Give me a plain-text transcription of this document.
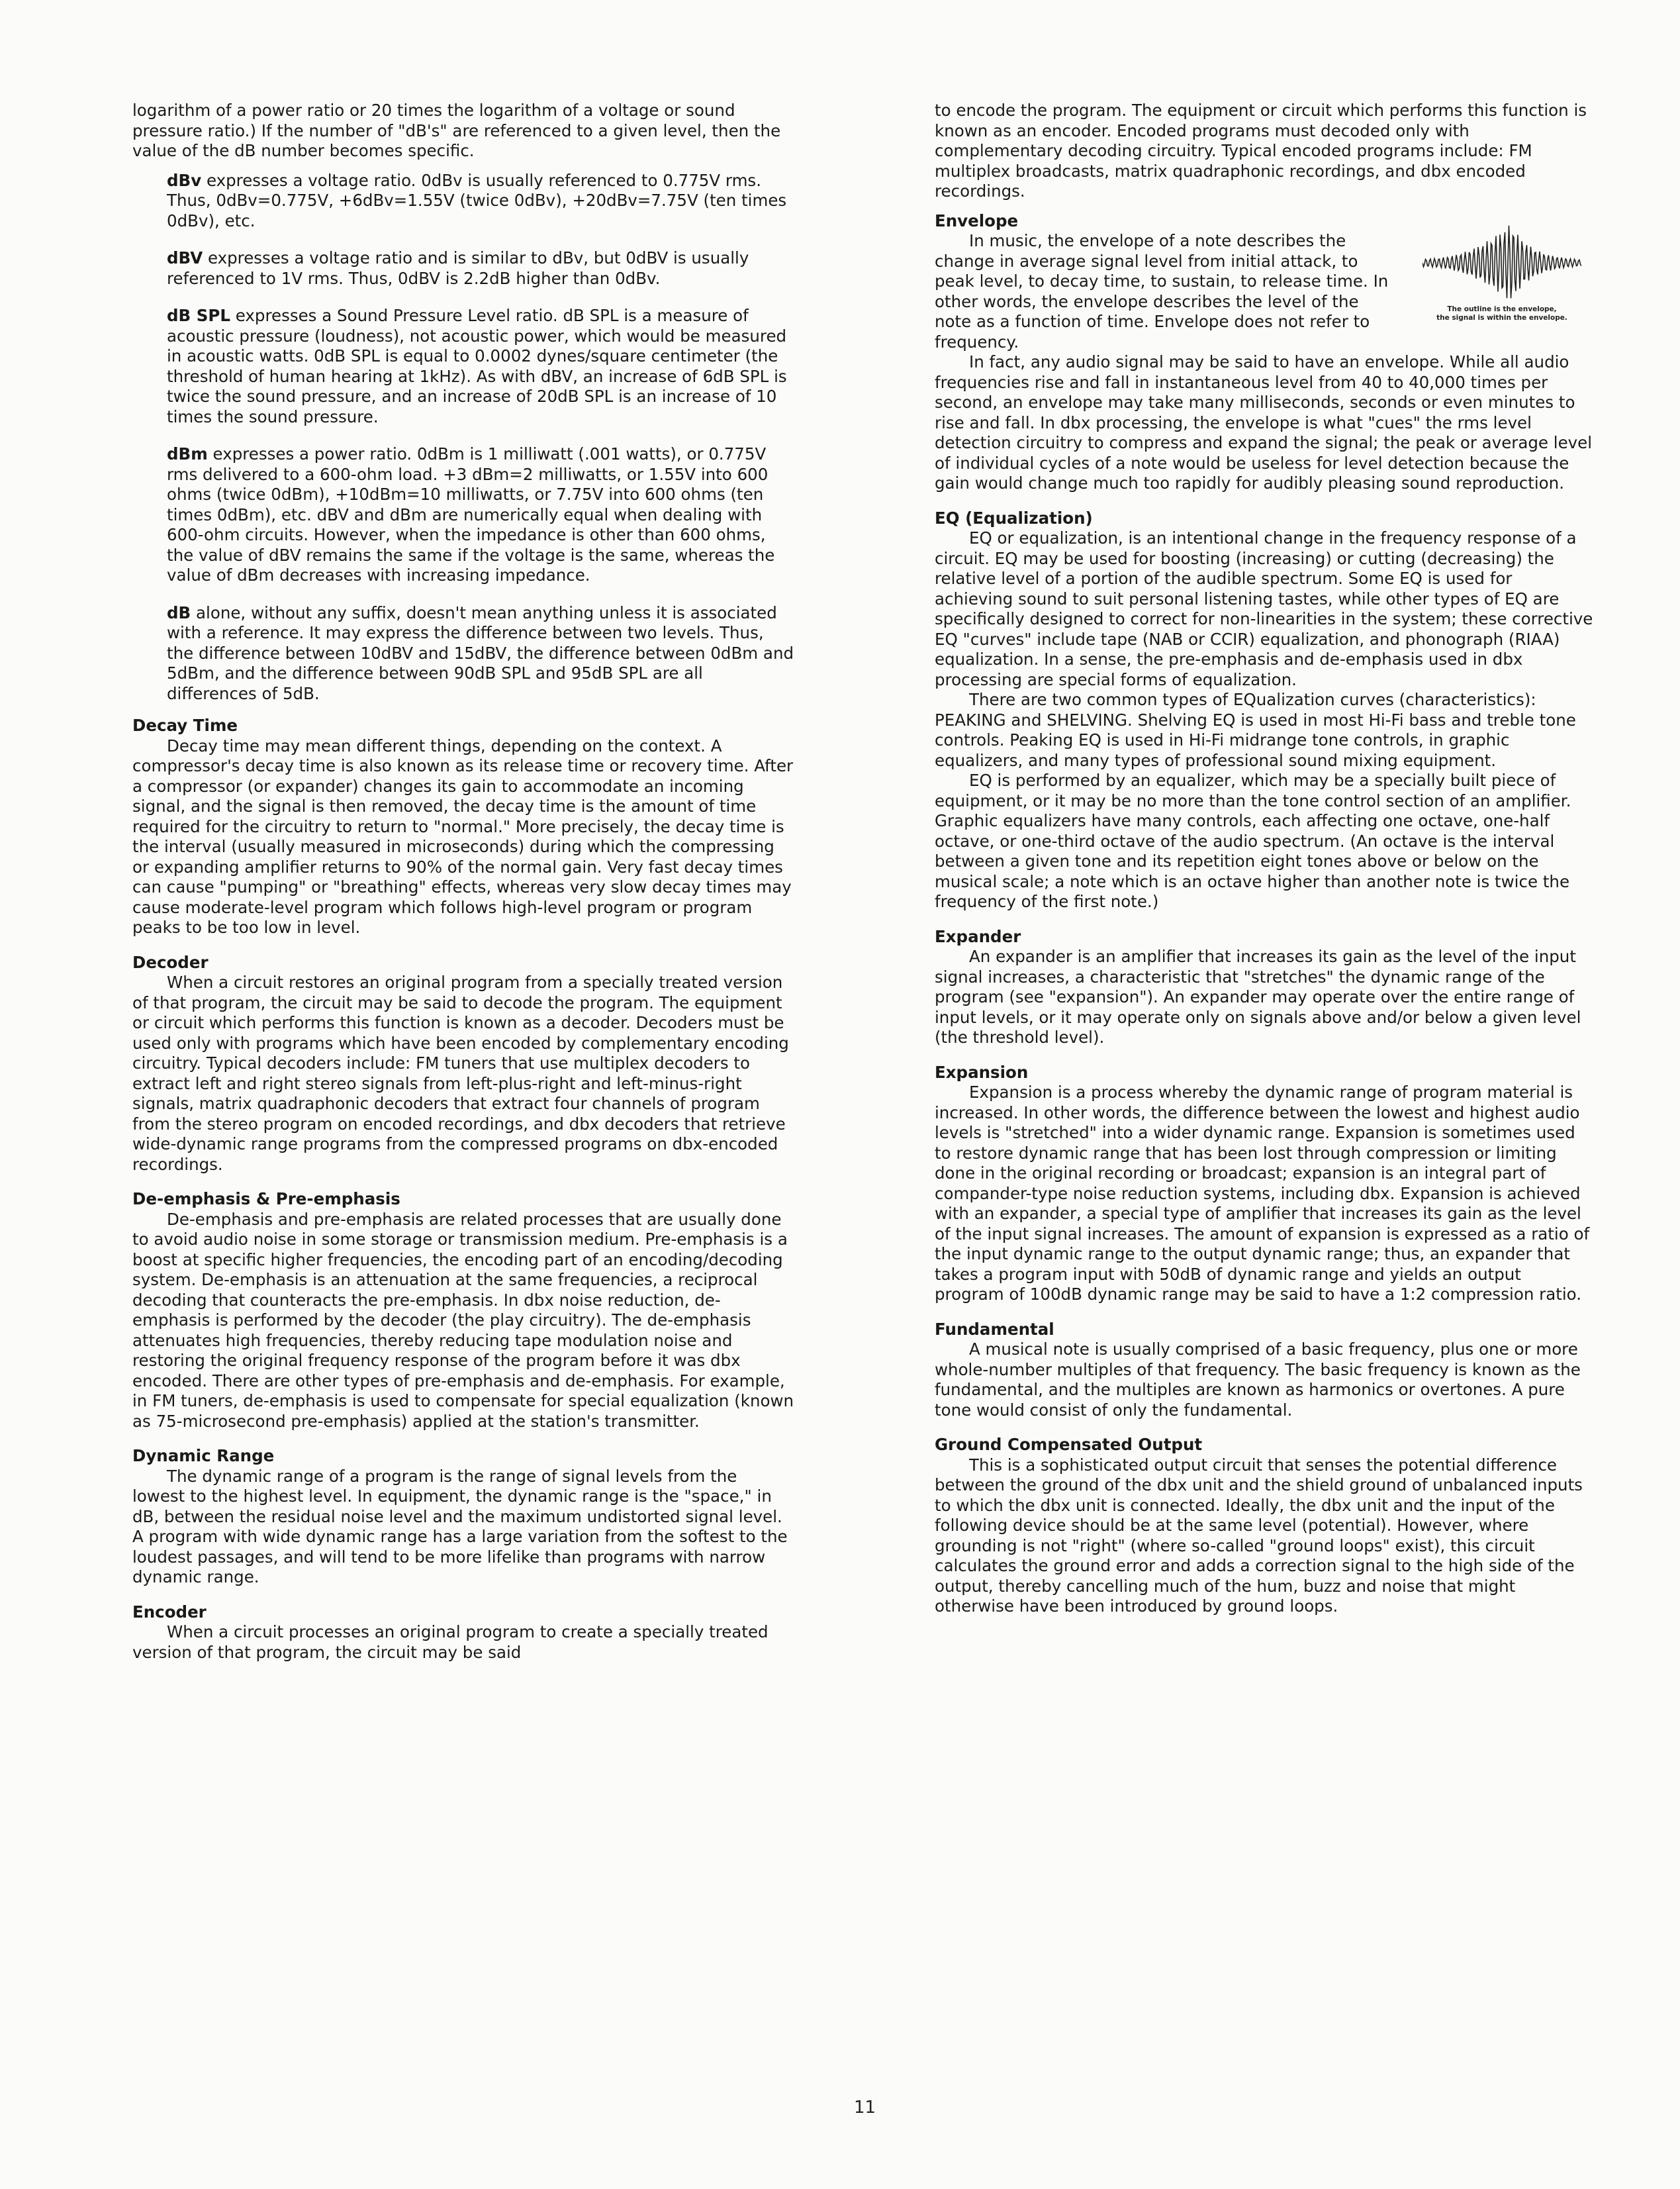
logarithm of a power ratio or 20 times the logarithm of a voltage or sound pressure ratio.) If the number of "dB's" are referenced to a given level, then the value of the dB number becomes specific.

dBv expresses a voltage ratio. 0dBv is usually referenced to 0.775V rms. Thus, 0dBv=0.775V, +6dBv=1.55V (twice 0dBv), +20dBv=7.75V (ten times 0dBv), etc.

dBV expresses a voltage ratio and is similar to dBv, but 0dBV is usually referenced to 1V rms. Thus, 0dBV is 2.2dB higher than 0dBv.

dB SPL expresses a Sound Pressure Level ratio. dB SPL is a measure of acoustic pressure (loudness), not acoustic power, which would be measured in acoustic watts. 0dB SPL is equal to 0.0002 dynes/square centimeter (the threshold of human hearing at 1kHz). As with dBV, an increase of 6dB SPL is twice the sound pressure, and an increase of 20dB SPL is an increase of 10 times the sound pressure.

dBm expresses a power ratio. 0dBm is 1 milliwatt (.001 watts), or 0.775V rms delivered to a 600-ohm load. +3 dBm=2 milliwatts, or 1.55V into 600 ohms (twice 0dBm), +10dBm=10 milliwatts, or 7.75V into 600 ohms (ten times 0dBm), etc. dBV and dBm are numerically equal when dealing with 600-ohm circuits. However, when the impedance is other than 600 ohms, the value of dBV remains the same if the voltage is the same, whereas the value of dBm decreases with increasing impedance.

dB alone, without any suffix, doesn't mean anything unless it is associated with a reference. It may express the difference between two levels. Thus, the difference between 10dBV and 15dBV, the difference between 0dBm and 5dBm, and the difference between 90dB SPL and 95dB SPL are all differences of 5dB.

Decay Time

Decay time may mean different things, depending on the context. A compressor's decay time is also known as its release time or recovery time. After a compressor (or expander) changes its gain to accommodate an incoming signal, and the signal is then removed, the decay time is the amount of time required for the circuitry to return to "normal." More precisely, the decay time is the interval (usually measured in microseconds) during which the compressing or expanding amplifier returns to 90% of the normal gain. Very fast decay times can cause "pumping" or "breathing" effects, whereas very slow decay times may cause moderate-level program which follows high-level program or program peaks to be too low in level.

Decoder

When a circuit restores an original program from a specially treated version of that program, the circuit may be said to decode the program. The equipment or circuit which performs this function is known as a decoder. Decoders must be used only with programs which have been encoded by complementary encoding circuitry. Typical decoders include: FM tuners that use multiplex decoders to extract left and right stereo signals from left-plus-right and left-minus-right signals, matrix quadraphonic decoders that extract four channels of program from the stereo program on encoded recordings, and dbx decoders that retrieve wide-dynamic range programs from the compressed programs on dbx-encoded recordings.

De-emphasis & Pre-emphasis

De-emphasis and pre-emphasis are related processes that are usually done to avoid audio noise in some storage or transmission medium. Pre-emphasis is a boost at specific higher frequencies, the encoding part of an encoding/decoding system. De-emphasis is an attenuation at the same frequencies, a reciprocal decoding that counteracts the pre-emphasis. In dbx noise reduction, de-emphasis is performed by the decoder (the play circuitry). The de-emphasis attenuates high frequencies, thereby reducing tape modulation noise and restoring the original frequency response of the program before it was dbx encoded. There are other types of pre-emphasis and de-emphasis. For example, in FM tuners, de-emphasis is used to compensate for special equalization (known as 75-microsecond pre-emphasis) applied at the station's transmitter.

Dynamic Range

The dynamic range of a program is the range of signal levels from the lowest to the highest level. In equipment, the dynamic range is the "space," in dB, between the residual noise level and the maximum undistorted signal level. A program with wide dynamic range has a large variation from the softest to the loudest passages, and will tend to be more lifelike than programs with narrow dynamic range.

Encoder

When a circuit processes an original program to create a specially treated version of that program, the circuit may be said

to encode the program. The equipment or circuit which performs this function is known as an encoder. Encoded programs must decoded only with complementary decoding circuitry. Typical encoded programs include: FM multiplex broadcasts, matrix quadraphonic recordings, and dbx encoded recordings.

Envelope

The outline is the envelope,
the signal is within the envelope.

In music, the envelope of a note describes the change in average signal level from initial attack, to peak level, to decay time, to sustain, to release time. In other words, the envelope describes the level of the note as a function of time. Envelope does not refer to frequency.

In fact, any audio signal may be said to have an envelope. While all audio frequencies rise and fall in instantaneous level from 40 to 40,000 times per second, an envelope may take many milliseconds, seconds or even minutes to rise and fall. In dbx processing, the envelope is what "cues" the rms level detection circuitry to compress and expand the signal; the peak or average level of individual cycles of a note would be useless for level detection because the gain would change much too rapidly for audibly pleasing sound reproduction.

EQ (Equalization)

EQ or equalization, is an intentional change in the frequency response of a circuit. EQ may be used for boosting (increasing) or cutting (decreasing) the relative level of a portion of the audible spectrum. Some EQ is used for achieving sound to suit personal listening tastes, while other types of EQ are specifically designed to correct for non-linearities in the system; these corrective EQ "curves" include tape (NAB or CCIR) equalization, and phonograph (RIAA) equalization. In a sense, the pre-emphasis and de-emphasis used in dbx processing are special forms of equalization.

There are two common types of EQualization curves (characteristics): PEAKING and SHELVING. Shelving EQ is used in most Hi-Fi bass and treble tone controls. Peaking EQ is used in Hi-Fi midrange tone controls, in graphic equalizers, and many types of professional sound mixing equipment.

EQ is performed by an equalizer, which may be a specially built piece of equipment, or it may be no more than the tone control section of an amplifier. Graphic equalizers have many controls, each affecting one octave, one-half octave, or one-third octave of the audio spectrum. (An octave is the interval between a given tone and its repetition eight tones above or below on the musical scale; a note which is an octave higher than another note is twice the frequency of the first note.)

Expander

An expander is an amplifier that increases its gain as the level of the input signal increases, a characteristic that "stretches" the dynamic range of the program (see "expansion"). An expander may operate over the entire range of input levels, or it may operate only on signals above and/or below a given level (the threshold level).

Expansion

Expansion is a process whereby the dynamic range of program material is increased. In other words, the difference between the lowest and highest audio levels is "stretched" into a wider dynamic range. Expansion is sometimes used to restore dynamic range that has been lost through compression or limiting done in the original recording or broadcast; expansion is an integral part of compander-type noise reduction systems, including dbx. Expansion is achieved with an expander, a special type of amplifier that increases its gain as the level of the input signal increases. The amount of expansion is expressed as a ratio of the input dynamic range to the output dynamic range; thus, an expander that takes a program input with 50dB of dynamic range and yields an output program of 100dB dynamic range may be said to have a 1:2 compression ratio.

Fundamental

A musical note is usually comprised of a basic frequency, plus one or more whole-number multiples of that frequency. The basic frequency is known as the fundamental, and the multiples are known as harmonics or overtones. A pure tone would consist of only the fundamental.

Ground Compensated Output

This is a sophisticated output circuit that senses the potential difference between the ground of the dbx unit and the shield ground of unbalanced inputs to which the dbx unit is connected. Ideally, the dbx unit and the input of the following device should be at the same level (potential). However, where grounding is not "right" (where so-called "ground loops" exist), this circuit calculates the ground error and adds a correction signal to the high side of the output, thereby cancelling much of the hum, buzz and noise that might otherwise have been introduced by ground loops.

11
